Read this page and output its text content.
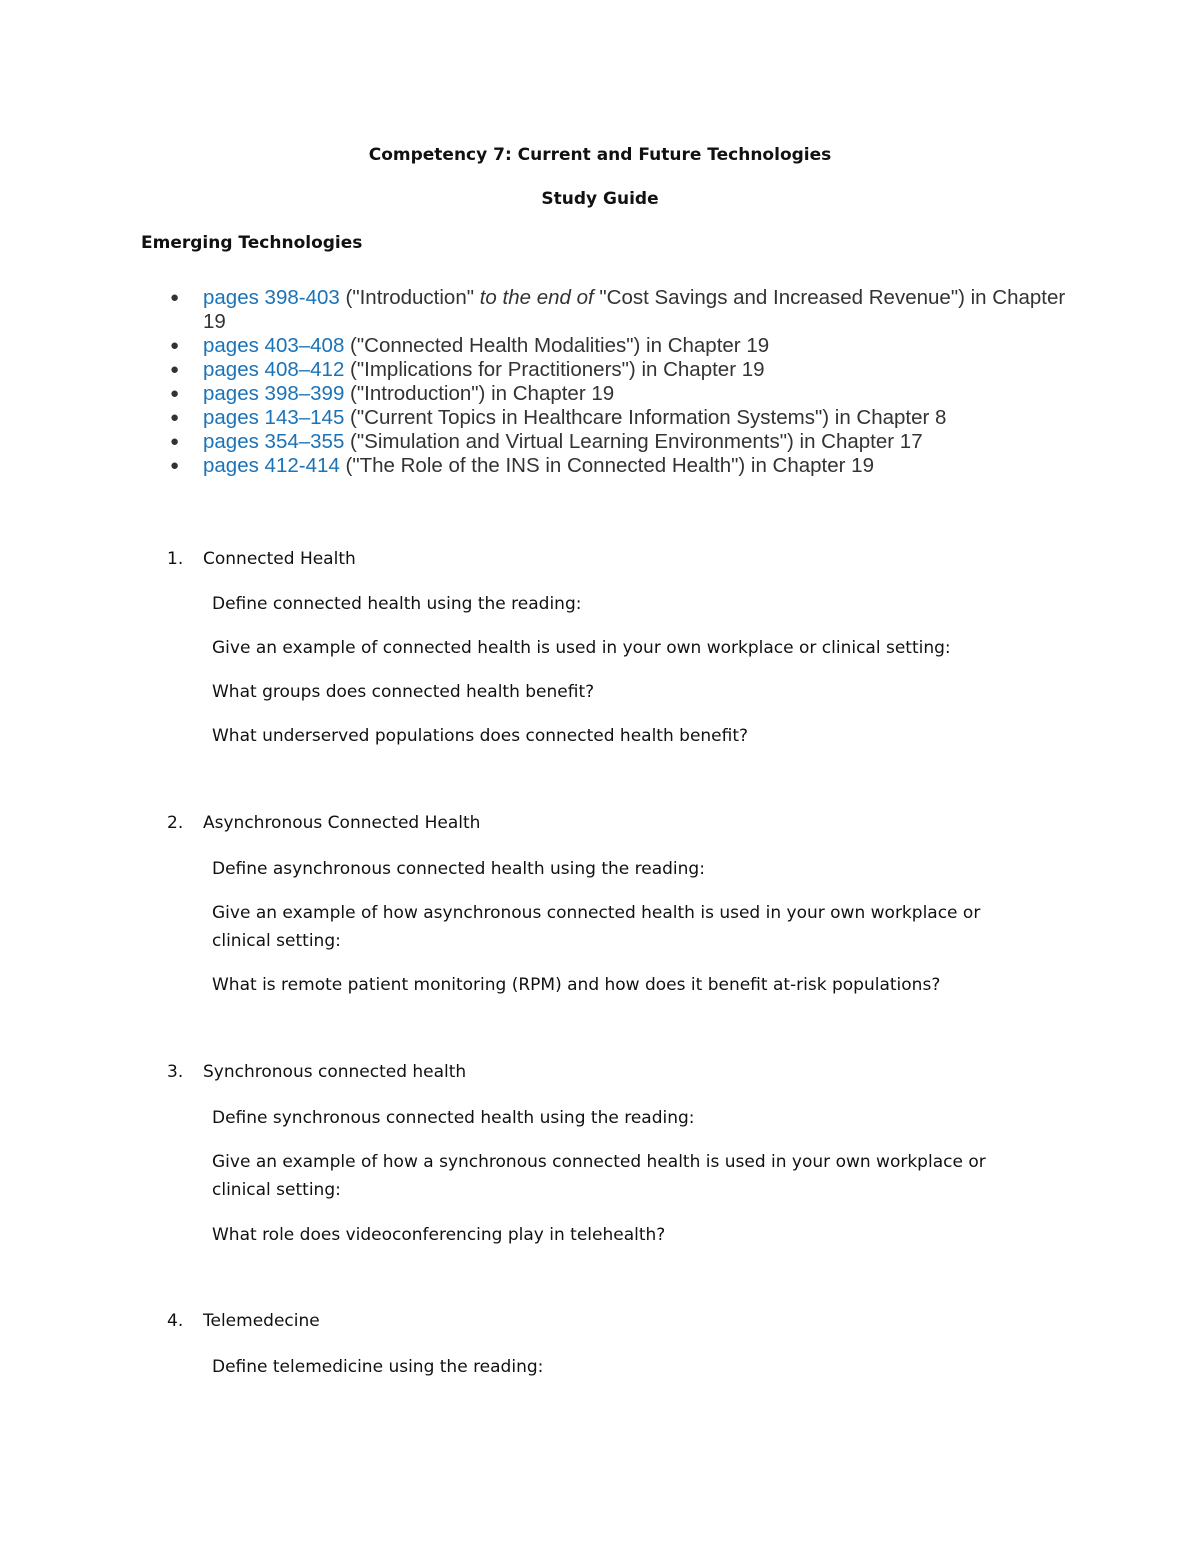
Competency 7: Current and Future Technologies
Study Guide
Emerging Technologies
● pages 398-403 ("Introduction" to the end of "Cost Savings and Increased Revenue") in Chapter 19
● pages 403–408 ("Connected Health Modalities") in Chapter 19
● pages 408–412 ("Implications for Practitioners") in Chapter 19
● pages 398–399 ("Introduction") in Chapter 19
● pages 143–145 ("Current Topics in Healthcare Information Systems") in Chapter 8
● pages 354–355 ("Simulation and Virtual Learning Environments") in Chapter 17
● pages 412-414 ("The Role of the INS in Connected Health") in Chapter 19
1. Connected Health
Define connected health using the reading:
Give an example of connected health is used in your own workplace or clinical setting:
What groups does connected health benefit?
What underserved populations does connected health benefit?
2. Asynchronous Connected Health
Define asynchronous connected health using the reading:
Give an example of how asynchronous connected health is used in your own workplace or clinical setting:
What is remote patient monitoring (RPM) and how does it benefit at-risk populations?
3. Synchronous connected health
Define synchronous connected health using the reading:
Give an example of how a synchronous connected health is used in your own workplace or clinical setting:
What role does videoconferencing play in telehealth?
4. Telemedecine
Define telemedicine using the reading:
